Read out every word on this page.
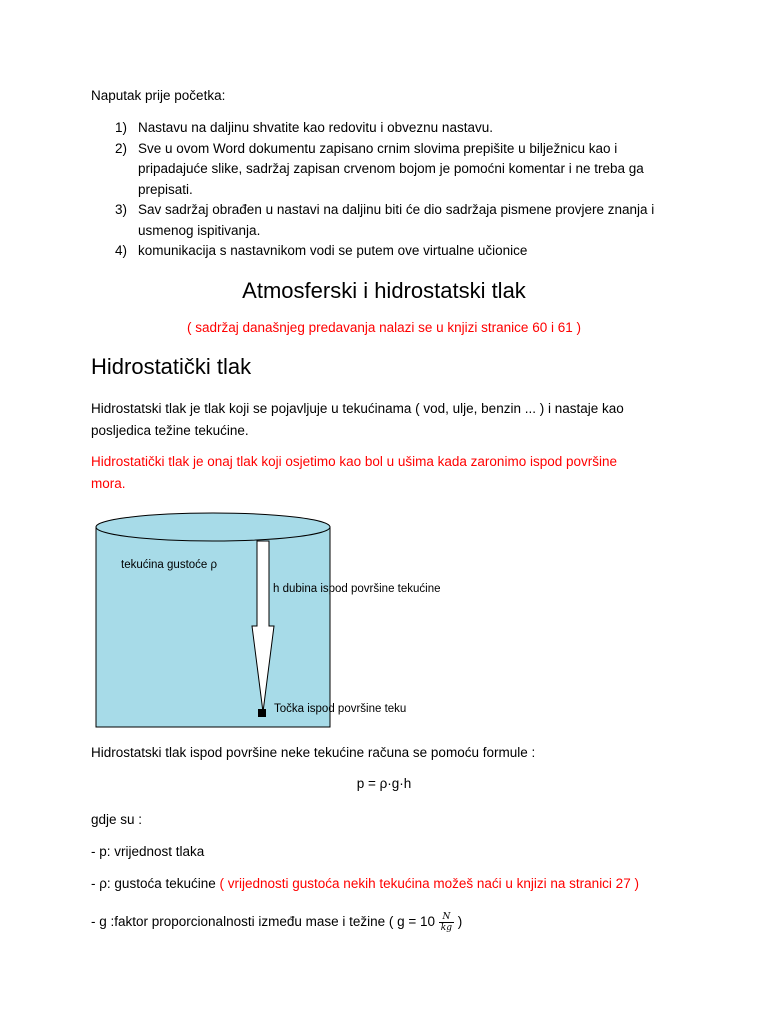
Naputak prije početka:
1) Nastavu na daljinu shvatite kao redovitu i obveznu nastavu.
2) Sve u ovom Word dokumentu zapisano crnim slovima prepišite u bilježnicu kao i
pripadajuće slike, sadržaj zapisan crvenom bojom je pomoćni komentar i ne treba ga
prepisati.
3) Sav sadržaj obrađen u nastavi na daljinu biti će dio sadržaja pismene provjere znanja i
usmenog ispitivanja.
4) komunikacija s nastavnikom vodi se putem ove virtualne učionice
Atmosferski i hidrostatski tlak
( sadržaj današnjeg predavanja nalazi se u knjizi stranice 60 i 61 )
Hidrostatički tlak
Hidrostatski tlak je tlak koji se pojavljuje u tekućinama ( vod, ulje, benzin ... ) i nastaje kao
posljedica težine tekućine.
Hidrostatički tlak je onaj tlak koji osjetimo kao bol u ušima kada zaronimo ispod površine
mora.
tekućina gustoće ρ
h dubina ispod površine tekućine
Točka ispod površine teku
Hidrostatski tlak ispod površine neke tekućine računa se pomoću formule :
p = ρ·g·h
gdje su :
- p: vrijednost tlaka
- ρ: gustoća tekućine ( vrijednosti gustoća nekih tekućina možeš naći u knjizi na stranici 27 )
- g :faktor proporcionalnosti između mase i težine ( $g = 10 \frac{N}{kg}$ )
